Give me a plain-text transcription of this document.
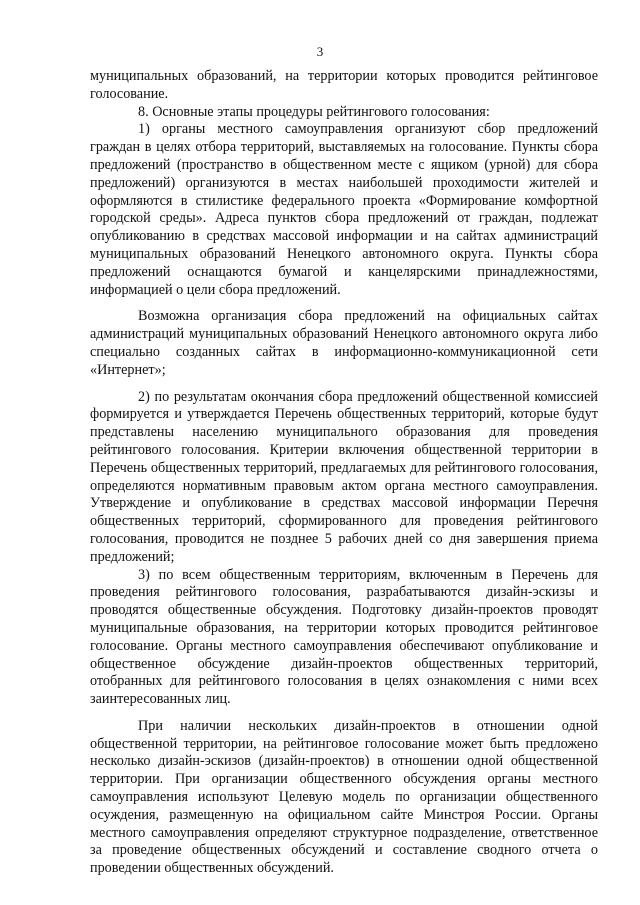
3

муниципальных образований, на территории которых проводится рейтинговое голосование.

8. Основные этапы процедуры рейтингового голосования:

1) органы местного самоуправления организуют сбор предложений граждан в целях отбора территорий, выставляемых на голосование. Пункты сбора предложений (пространство в общественном месте с ящиком (урной) для сбора предложений) организуются в местах наибольшей проходимости жителей и оформляются в стилистике федерального проекта «Формирование комфортной городской среды». Адреса пунктов сбора предложений от граждан, подлежат опубликованию в средствах массовой информации и на сайтах администраций муниципальных образований Ненецкого автономного округа. Пункты сбора предложений оснащаются бумагой и канцелярскими принадлежностями, информацией о цели сбора предложений.

Возможна организация сбора предложений на официальных сайтах администраций муниципальных образований Ненецкого автономного округа либо специально созданных сайтах в информационно-коммуникационной сети «Интернет»;

2) по результатам окончания сбора предложений общественной комиссией формируется и утверждается Перечень общественных территорий, которые будут представлены населению муниципального образования для проведения рейтингового голосования. Критерии включения общественной территории в Перечень общественных территорий, предлагаемых для рейтингового голосования, определяются нормативным правовым актом органа местного самоуправления. Утверждение и опубликование в средствах массовой информации Перечня общественных территорий, сформированного для проведения рейтингового голосования, проводится не позднее 5 рабочих дней со дня завершения приема предложений;

3) по всем общественным территориям, включенным в Перечень для проведения рейтингового голосования, разрабатываются дизайн-эскизы и проводятся общественные обсуждения. Подготовку дизайн-проектов проводят муниципальные образования, на территории которых проводится рейтинговое голосование. Органы местного самоуправления обеспечивают опубликование и общественное обсуждение дизайн-проектов общественных территорий, отобранных для рейтингового голосования в целях ознакомления с ними всех заинтересованных лиц.

При наличии нескольких дизайн-проектов в отношении одной общественной территории, на рейтинговое голосование может быть предложено несколько дизайн-эскизов (дизайн-проектов) в отношении одной общественной территории. При организации общественного обсуждения органы местного самоуправления используют Целевую модель по организации общественного осуждения, размещенную на официальном сайте Минстроя России. Органы местного самоуправления определяют структурное подразделение, ответственное за проведение общественных обсуждений и составление сводного отчета о проведении общественных обсуждений.
